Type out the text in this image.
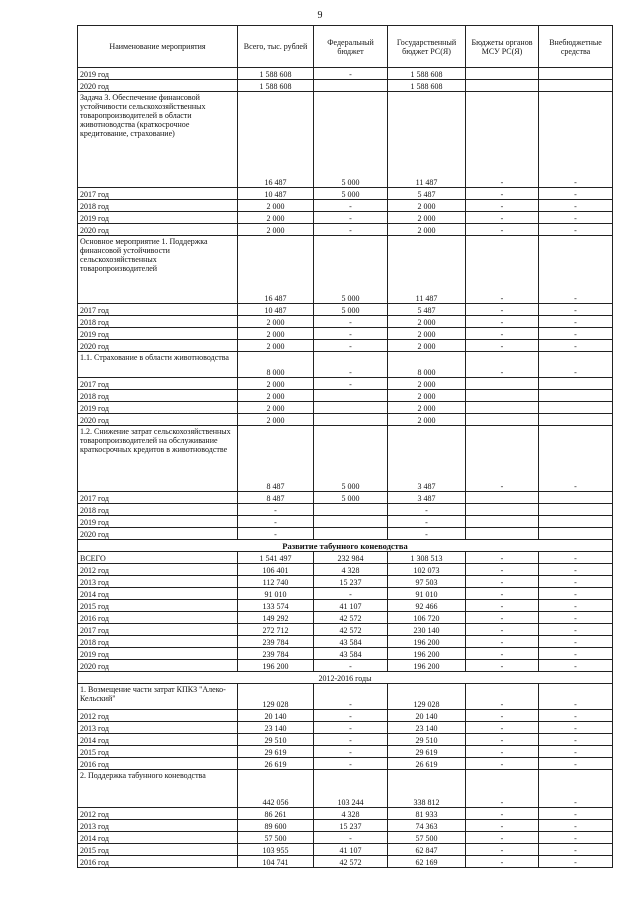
9
Наименование мероприятия	Всего, тыс. рублей	Федеральный бюджет	Государственный бюджет РС(Я)	Бюджеты органов МСУ РС(Я)	Внебюджетные средства
2019 год	1 588 608	-	1 588 608		
2020 год	1 588 608		1 588 608		
Задача 3. Обеспечение финансовой устойчивости сельскохозяйственных товаропроизводителей в области животноводства (краткосрочное кредитование, страхование)	16 487	5 000	11 487	-	-
2017 год	10 487	5 000	5 487	-	-
2018 год	2 000	-	2 000	-	-
2019 год	2 000	-	2 000	-	-
2020 год	2 000	-	2 000	-	-
Основное мероприятие 1. Поддержка финансовой устойчивости сельскохозяйственных товаропроизводителей	16 487	5 000	11 487	-	-
2017 год	10 487	5 000	5 487	-	-
2018 год	2 000	-	2 000	-	-
2019 год	2 000	-	2 000	-	-
2020 год	2 000	-	2 000	-	-
1.1. Страхование в области животноводства	8 000	-	8 000	-	-
2017 год	2 000	-	2 000		
2018 год	2 000		2 000		
2019 год	2 000		2 000		
2020 год	2 000		2 000		
1.2. Снижение затрат сельскохозяйственных товаропроизводителей на обслуживание краткосрочных кредитов в животноводстве	8 487	5 000	3 487	-	-
2017 год	8 487	5 000	3 487		
2018 год	-		-		
2019 год	-		-		
2020 год	-		-		
Развитие табунного коневодства					
ВСЕГО	1 541 497	232 984	1 308 513	-	-
2012 год	106 401	4 328	102 073	-	-
2013 год	112 740	15 237	97 503	-	-
2014 год	91 010	-	91 010	-	-
2015 год	133 574	41 107	92 466	-	-
2016 год	149 292	42 572	106 720	-	-
2017 год	272 712	42 572	230 140	-	-
2018 год	239 784	43 584	196 200	-	-
2019 год	239 784	43 584	196 200	-	-
2020 год	196 200	-	196 200	-	-
2012-2016 годы					
1. Возмещение части затрат КПКЗ "Алеко-Кельский"	129 028	-	129 028	-	-
2012 год	20 140	-	20 140	-	-
2013 год	23 140	-	23 140	-	-
2014 год	29 510	-	29 510	-	-
2015 год	29 619	-	29 619	-	-
2016 год	26 619	-	26 619	-	-
2. Поддержка табунного коневодства	442 056	103 244	338 812	-	-
2012 год	86 261	4 328	81 933	-	-
2013 год	89 600	15 237	74 363	-	-
2014 год	57 500	-	57 500	-	-
2015 год	103 955	41 107	62 847	-	-
2016 год	104 741	42 572	62 169	-	-
